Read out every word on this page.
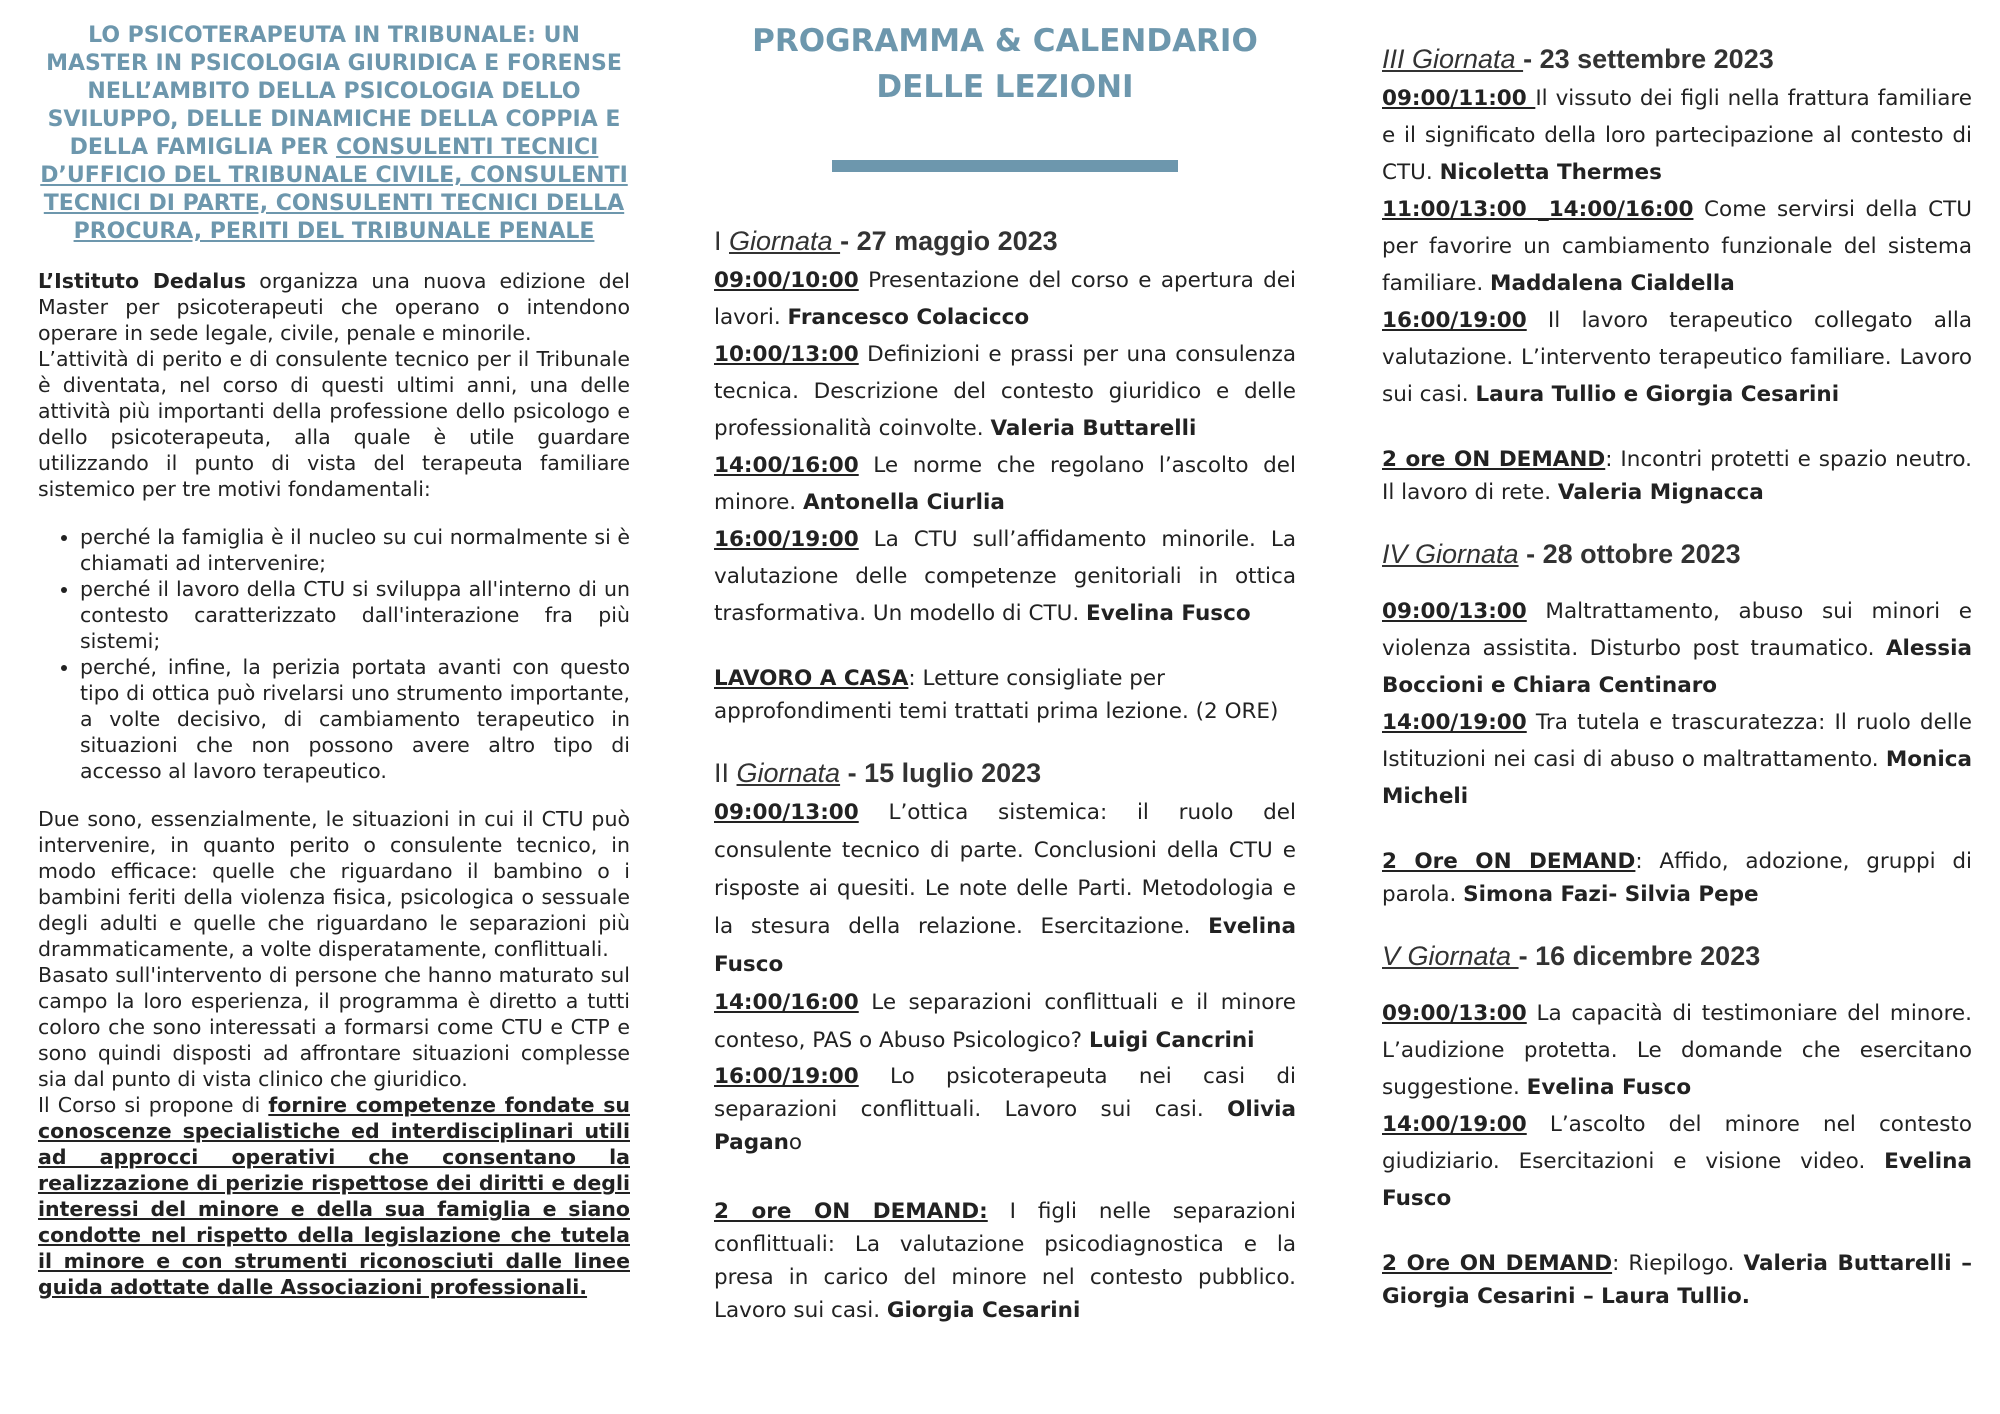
LO PSICOTERAPEUTA IN TRIBUNALE: UN MASTER IN PSICOLOGIA GIURIDICA E FORENSE NELL’AMBITO DELLA PSICOLOGIA DELLO SVILUPPO, DELLE DINAMICHE DELLA COPPIA E DELLA FAMIGLIA PER CONSULENTI TECNICI D’UFFICIO DEL TRIBUNALE CIVILE, CONSULENTI TECNICI DI PARTE, CONSULENTI TECNICI DELLA PROCURA, PERITI DEL TRIBUNALE PENALE

L’Istituto Dedalus organizza una nuova edizione del Master per psicoterapeuti che operano o intendono operare in sede legale, civile, penale e minorile.

L’attività di perito e di consulente tecnico per il Tribunale è diventata, nel corso di questi ultimi anni, una delle attività più importanti della professione dello psicologo e dello psicoterapeuta, alla quale è utile guardare utilizzando il punto di vista del terapeuta familiare sistemico per tre motivi fondamentali:

• perché la famiglia è il nucleo su cui normalmente si è chiamati ad intervenire;
• perché il lavoro della CTU si sviluppa all'interno di un contesto caratterizzato dall'interazione fra più sistemi;
• perché, infine, la perizia portata avanti con questo tipo di ottica può rivelarsi uno strumento importante, a volte decisivo, di cambiamento terapeutico in situazioni che non possono avere altro tipo di accesso al lavoro terapeutico.

Due sono, essenzialmente, le situazioni in cui il CTU può intervenire, in quanto perito o consulente tecnico, in modo efficace: quelle che riguardano il bambino o i bambini feriti della violenza fisica, psicologica o sessuale degli adulti e quelle che riguardano le separazioni più drammaticamente, a volte disperatamente, conflittuali.

Basato sull'intervento di persone che hanno maturato sul campo la loro esperienza, il programma è diretto a tutti coloro che sono interessati a formarsi come CTU e CTP e sono quindi disposti ad affrontare situazioni complesse sia dal punto di vista clinico che giuridico.

Il Corso si propone di fornire competenze fondate su conoscenze specialistiche ed interdisciplinari utili ad approcci operativi che consentano la realizzazione di perizie rispettose dei diritti e degli interessi del minore e della sua famiglia e siano condotte nel rispetto della legislazione che tutela il minore e con strumenti riconosciuti dalle linee guida adottate dalle Associazioni professionali.

PROGRAMMA & CALENDARIO DELLE LEZIONI
I Giornata - 27 maggio 2023

09:00/10:00 Presentazione del corso e apertura dei lavori. Francesco Colacicco

10:00/13:00 Definizioni e prassi per una consulenza tecnica. Descrizione del contesto giuridico e delle professionalità coinvolte. Valeria Buttarelli

14:00/16:00 Le norme che regolano l’ascolto del minore. Antonella Ciurlia

16:00/19:00 La CTU sull’affidamento minorile. La valutazione delle competenze genitoriali in ottica trasformativa. Un modello di CTU. Evelina Fusco

LAVORO A CASA: Letture consigliate per approfondimenti temi trattati prima lezione. (2 ORE)

II Giornata - 15 luglio 2023

09:00/13:00 L’ottica sistemica: il ruolo del consulente tecnico di parte. Conclusioni della CTU e risposte ai quesiti. Le note delle Parti. Metodologia e la stesura della relazione. Esercitazione. Evelina Fusco

14:00/16:00 Le separazioni conflittuali e il minore conteso, PAS o Abuso Psicologico? Luigi Cancrini

16:00/19:00 Lo psicoterapeuta nei casi di separazioni conflittuali. Lavoro sui casi. Olivia Pagano

2 ore ON DEMAND: I figli nelle separazioni conflittuali: La valutazione psicodiagnostica e la presa in carico del minore nel contesto pubblico. Lavoro sui casi. Giorgia Cesarini

III Giornata - 23 settembre 2023

09:00/11:00 Il vissuto dei figli nella frattura familiare e il significato della loro partecipazione al contesto di CTU. Nicoletta Thermes

11:00/13:00 _14:00/16:00 Come servirsi della CTU per favorire un cambiamento funzionale del sistema familiare. Maddalena Cialdella

16:00/19:00 Il lavoro terapeutico collegato alla valutazione. L’intervento terapeutico familiare. Lavoro sui casi. Laura Tullio e Giorgia Cesarini

2 ore ON DEMAND: Incontri protetti e spazio neutro. Il lavoro di rete. Valeria Mignacca

IV Giornata - 28 ottobre 2023

09:00/13:00 Maltrattamento, abuso sui minori e violenza assistita. Disturbo post traumatico. Alessia Boccioni e Chiara Centinaro

14:00/19:00 Tra tutela e trascuratezza: Il ruolo delle Istituzioni nei casi di abuso o maltrattamento. Monica Micheli

2 Ore ON DEMAND: Affido, adozione, gruppi di parola. Simona Fazi- Silvia Pepe

V Giornata - 16 dicembre 2023

09:00/13:00 La capacità di testimoniare del minore. L’audizione protetta. Le domande che esercitano suggestione. Evelina Fusco

14:00/19:00 L’ascolto del minore nel contesto giudiziario. Esercitazioni e visione video. Evelina Fusco

2 Ore ON DEMAND: Riepilogo. Valeria Buttarelli – Giorgia Cesarini – Laura Tullio.
